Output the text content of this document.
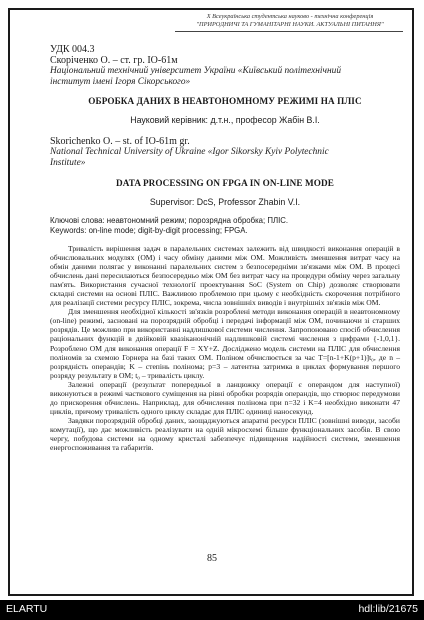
X Всеукраїнська студентська науково - технічна конференція
"ПРИРОДНИЧІ ТА ГУМАНІТАРНІ НАУКИ. АКТУАЛЬНІ ПИТАННЯ"
УДК 004.3
Скоріченко О. – ст. гр. ІО-61м
Національний технічний університет України «Київський політехнічний
інститут імені Ігоря Сікорського»
ОБРОБКА ДАНИХ В НЕАВТОНОМНОМУ РЕЖИМІ НА ПЛІС
Науковий керівник: д.т.н., професор Жабін В.І.
Skorichenko O. – st. of IO-61m gr.
National Technical University of Ukraine «Igor Sikorsky Kyiv Polytechnic
Institute»
DATA PROCESSING ON FPGA IN ON-LINE MODE
Supervisor: DcS, Professor Zhabin V.I.
Ключові слова: неавтономний режим; порозрядна обробка; ПЛІС.
Keywords: on-line mode; digit-by-digit processing; FPGA.

Тривалість вирішення задач в паралельних системах залежить від швидкості виконання операцій в обчислювальних модулях (ОМ) і часу обміну даними між ОМ. Можливість зменшення витрат часу на обмін даними полягає у виконанні паралельних систем з безпосередніми зв'язками між ОМ. В процесі обчислень дані пересилаються безпосередньо між ОМ без витрат часу на процедури обміну через загальну пам'ять. Використання сучасної технології проектування SoC (System on Chip) дозволяє створювати складні системи на основі ПЛІС. Важливою проблемою при цьому є необхідність скорочення потрібного для реалізації системи ресурсу ПЛІС, зокрема, числа зовнішніх виводів і внутрішніх зв'язків між ОМ.

Для зменшення необхідної кількості зв'язків розроблені методи виконання операцій в неавтономному (on-line) режимі, засновані на порозрядній обробці і передачі інформації між ОМ, починаючи зі старших розрядів. Це можливо при використанні надлишкової системи числення. Запропоновано спосіб обчислення раціональних функцій в двійковій квазіканонічній надлишковій системі числення з цифрами {-1,0,1}. Розроблено ОМ для виконання операції F = XY+Z. Досліджено модель системи на ПЛІС для обчислення поліномів за схемою Горнера на базі таких ОМ. Поліном обчислюється за час T=[n-1+K(p+1)]t₀, де n – розрядність операндів; K – степінь полінома; p=3 – латентна затримка в циклах формування першого розряду результату в ОМ; t₀ – тривалість циклу.

Залежні операції (результат попередньої в ланцюжку операції є операндом для наступної) виконуються в режимі часткового суміщення на рівні обробки розрядів операндів, що створює передумови до прискорення обчислень. Наприклад, для обчислення полінома при n=32 і K=4 необхідно виконати 47 циклів, причому тривалість одного циклу складає для ПЛІС одиниці наносекунд.

Завдяки порозрядній обробці даних, заощаджуються апаратні ресурси ПЛІС (зовнішні виводи, засоби комутації), що дає можливість реалізувати на одній мікросхемі більше функціональних засобів. В свою чергу, побудова системи на одному кристалі забезпечує підвищення надійності системи, зменшення енергоспоживання та габаритів.

85
ELARTU	hdl:lib/21675
